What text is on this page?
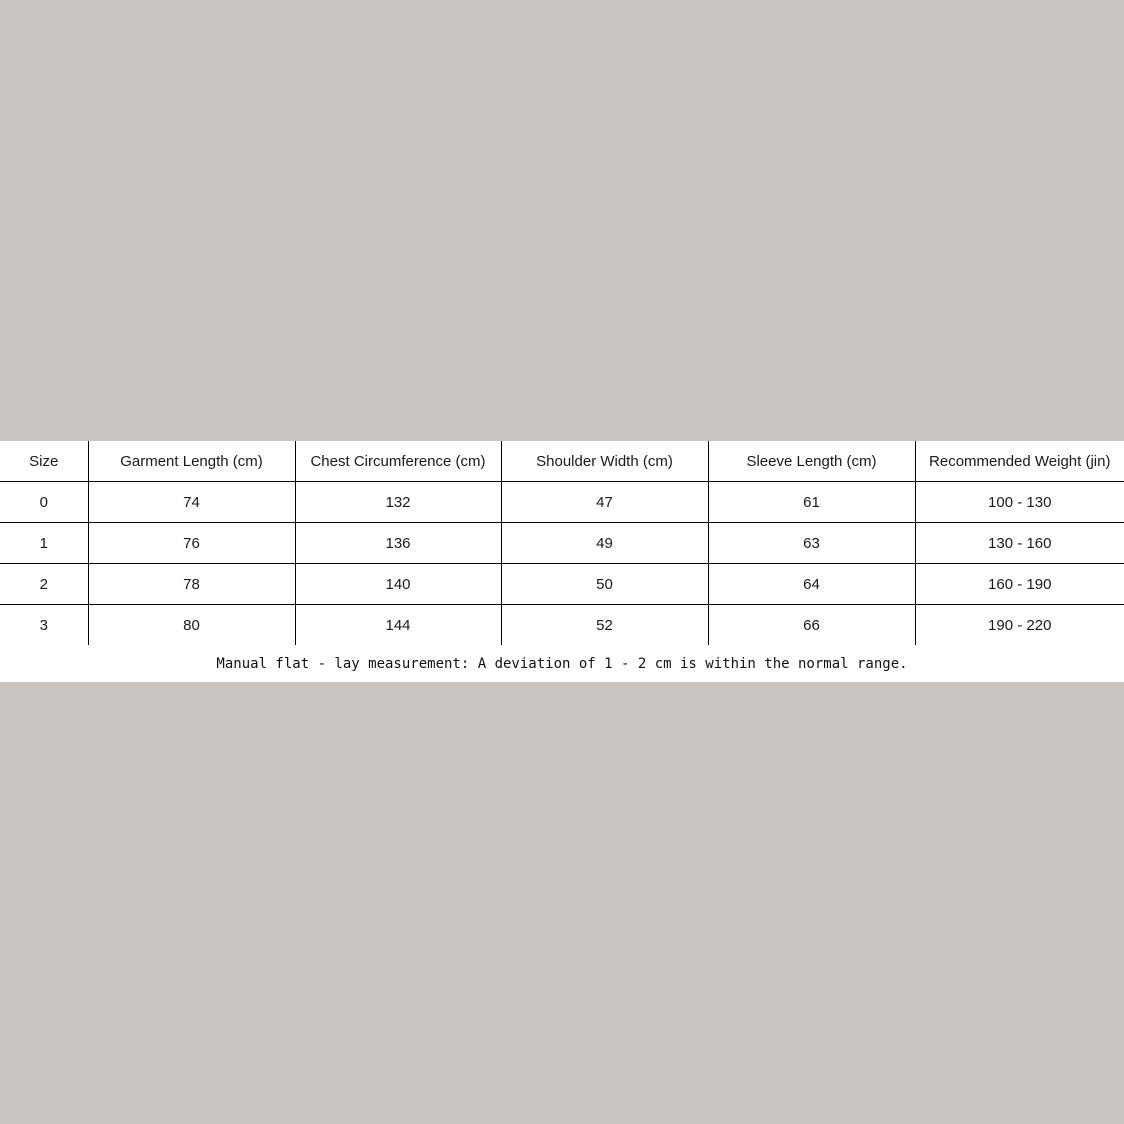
Size	Garment Length (cm)	Chest Circumference (cm)	Shoulder Width (cm)	Sleeve Length (cm)	Recommended Weight (jin)
0	74	132	47	61	100 - 130
1	76	136	49	63	130 - 160
2	78	140	50	64	160 - 190
3	80	144	52	66	190 - 220
Manual flat - lay measurement: A deviation of 1 - 2 cm is within the normal range.
